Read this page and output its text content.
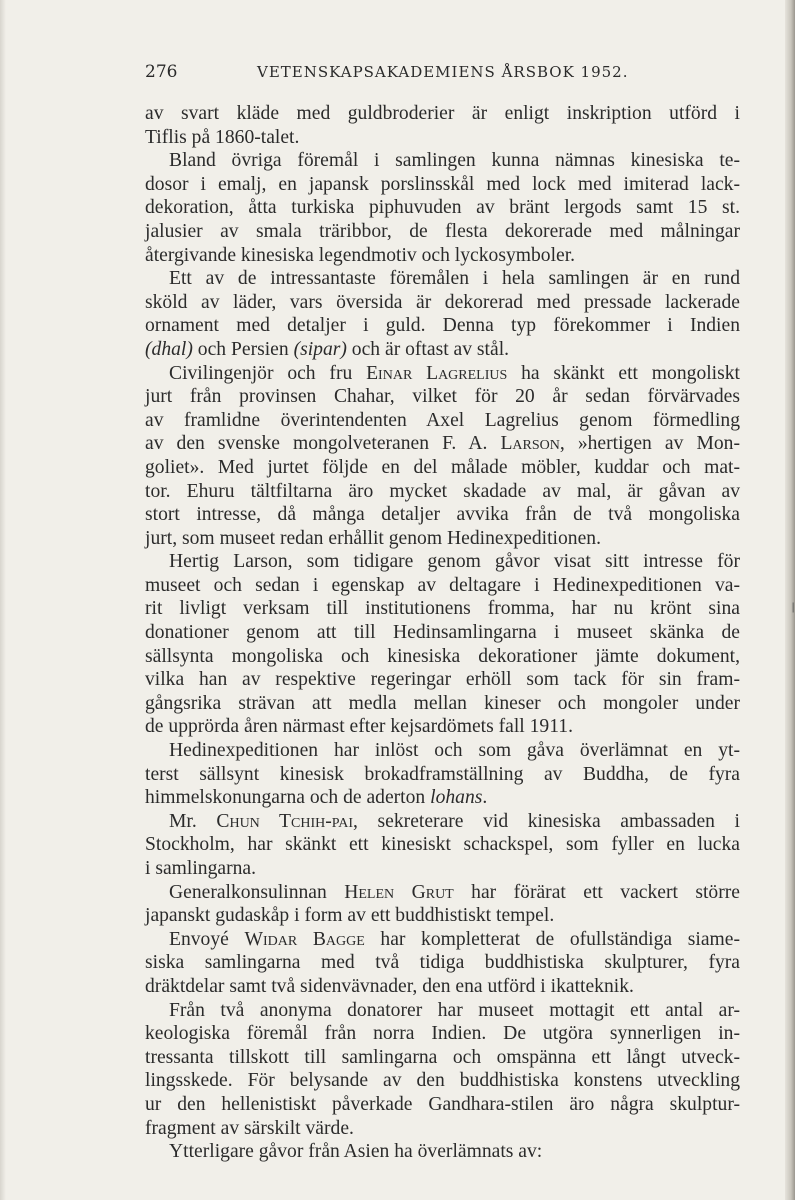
276	VETENSKAPSAKADEMIENS ÅRSBOK 1952.

av svart kläde med guldbroderier är enligt inskription utförd i

Tiflis på 1860-talet.

Bland övriga föremål i samlingen kunna nämnas kinesiska te-

dosor i emalj, en japansk porslinsskål med lock med imiterad lack-

dekoration, åtta turkiska piphuvuden av bränt lergods samt 15 st.

jalusier av smala träribbor, de flesta dekorerade med målningar

återgivande kinesiska legendmotiv och lyckosymboler.

Ett av de intressantaste föremålen i hela samlingen är en rund

sköld av läder, vars översida är dekorerad med pressade lackerade

ornament med detaljer i guld. Denna typ förekommer i Indien

(dhal) och Persien (sipar) och är oftast av stål.

Civilingenjör och fru Einar Lagrelius ha skänkt ett mongoliskt

jurt från provinsen Chahar, vilket för 20 år sedan förvärvades

av framlidne överintendenten Axel Lagrelius genom förmedling

av den svenske mongolveteranen F. A. Larson, »hertigen av Mon-

goliet». Med jurtet följde en del målade möbler, kuddar och mat-

tor. Ehuru tältfiltarna äro mycket skadade av mal, är gåvan av

stort intresse, då många detaljer avvika från de två mongoliska

jurt, som museet redan erhållit genom Hedinexpeditionen.

Hertig Larson, som tidigare genom gåvor visat sitt intresse för

museet och sedan i egenskap av deltagare i Hedinexpeditionen va-

rit livligt verksam till institutionens fromma, har nu krönt sina

donationer genom att till Hedinsamlingarna i museet skänka de

sällsynta mongoliska och kinesiska dekorationer jämte dokument,

vilka han av respektive regeringar erhöll som tack för sin fram-

gångsrika strävan att medla mellan kineser och mongoler under

de upprörda åren närmast efter kejsardömets fall 1911.

Hedinexpeditionen har inlöst och som gåva överlämnat en yt-

terst sällsynt kinesisk brokadframställning av Buddha, de fyra

himmelskonungarna och de aderton lohans.

Mr. Chun Tchih-pai, sekreterare vid kinesiska ambassaden i

Stockholm, har skänkt ett kinesiskt schackspel, som fyller en lucka

i samlingarna.

Generalkonsulinnan Helen Grut har förärat ett vackert större

japanskt gudaskåp i form av ett buddhistiskt tempel.

Envoyé Widar Bagge har kompletterat de ofullständiga siame-

siska samlingarna med två tidiga buddhistiska skulpturer, fyra

dräktdelar samt två sidenvävnader, den ena utförd i ikatteknik.

Från två anonyma donatorer har museet mottagit ett antal ar-

keologiska föremål från norra Indien. De utgöra synnerligen in-

tressanta tillskott till samlingarna och omspänna ett långt utveck-

lingsskede. För belysande av den buddhistiska konstens utveckling

ur den hellenistiskt påverkade Gandhara-stilen äro några skulptur-

fragment av särskilt värde.

Ytterligare gåvor från Asien ha överlämnats av:

❘
